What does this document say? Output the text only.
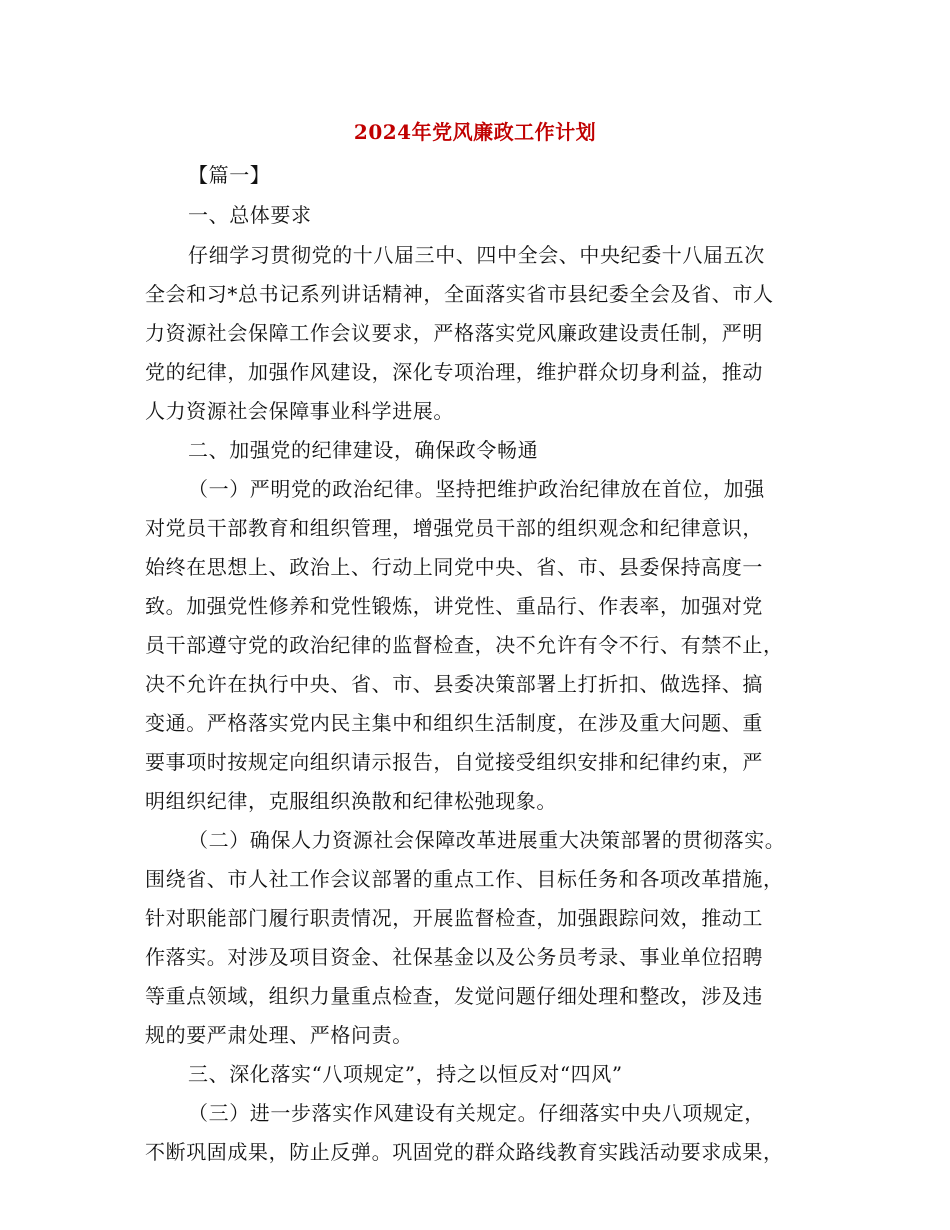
2024年党风廉政工作计划
【篇一】
一、总体要求
仔细学习贯彻党的十八届三中、四中全会、中央纪委十八届五次
全会和习*总书记系列讲话精神，全面落实省市县纪委全会及省、市人
力资源社会保障工作会议要求，严格落实党风廉政建设责任制，严明
党的纪律，加强作风建设，深化专项治理，维护群众切身利益，推动
人力资源社会保障事业科学进展。
二、加强党的纪律建设，确保政令畅通
（一）严明党的政治纪律。坚持把维护政治纪律放在首位，加强
对党员干部教育和组织管理，增强党员干部的组织观念和纪律意识，
始终在思想上、政治上、行动上同党中央、省、市、县委保持高度一
致。加强党性修养和党性锻炼，讲党性、重品行、作表率，加强对党
员干部遵守党的政治纪律的监督检查，决不允许有令不行、有禁不止，
决不允许在执行中央、省、市、县委决策部署上打折扣、做选择、搞
变通。严格落实党内民主集中和组织生活制度，在涉及重大问题、重
要事项时按规定向组织请示报告，自觉接受组织安排和纪律约束，严
明组织纪律，克服组织涣散和纪律松弛现象。
（二）确保人力资源社会保障改革进展重大决策部署的贯彻落实。
围绕省、市人社工作会议部署的重点工作、目标任务和各项改革措施，
针对职能部门履行职责情况，开展监督检查，加强跟踪问效，推动工
作落实。对涉及项目资金、社保基金以及公务员考录、事业单位招聘
等重点领域，组织力量重点检查，发觉问题仔细处理和整改，涉及违
规的要严肃处理、严格问责。
三、深化落实“八项规定”，持之以恒反对“四风”
（三）进一步落实作风建设有关规定。仔细落实中央八项规定，
不断巩固成果，防止反弹。巩固党的群众路线教育实践活动要求成果，
